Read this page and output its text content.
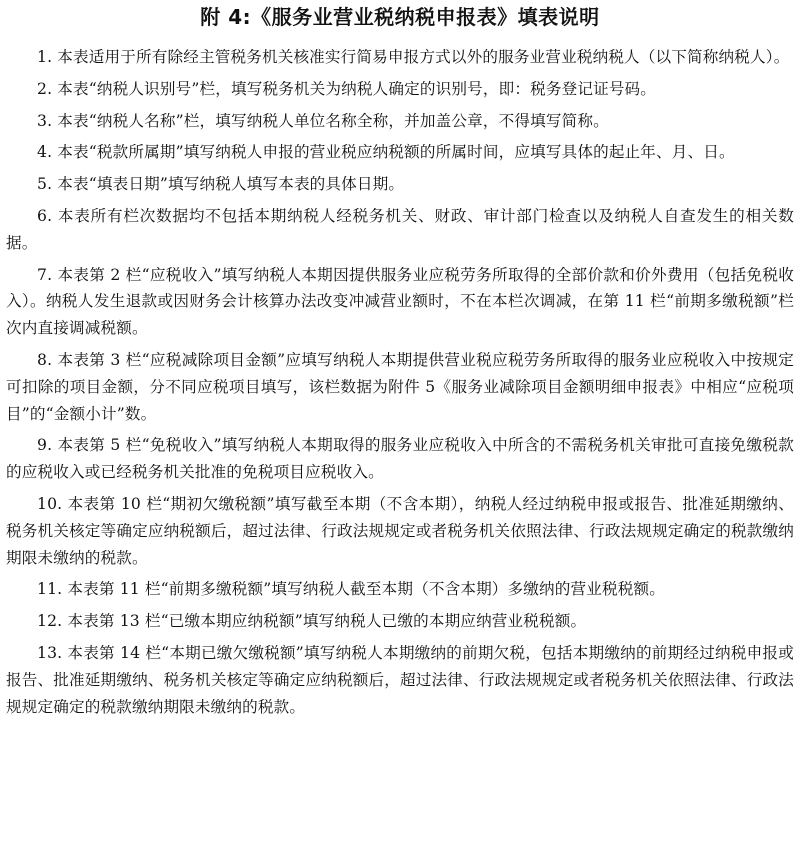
附 4:《服务业营业税纳税申报表》填表说明

1. 本表适用于所有除经主管税务机关核准实行简易申报方式以外的服务业营业税纳税人（以下简称纳税人）。

2. 本表“纳税人识别号”栏，填写税务机关为纳税人确定的识别号，即：税务登记证号码。

3. 本表“纳税人名称”栏，填写纳税人单位名称全称，并加盖公章，不得填写简称。

4. 本表“税款所属期”填写纳税人申报的营业税应纳税额的所属时间，应填写具体的起止年、月、日。

5. 本表“填表日期”填写纳税人填写本表的具体日期。

6. 本表所有栏次数据均不包括本期纳税人经税务机关、财政、审计部门检查以及纳税人自查发生的相关数据。

7. 本表第 2 栏“应税收入”填写纳税人本期因提供服务业应税劳务所取得的全部价款和价外费用（包括免税收入）。纳税人发生退款或因财务会计核算办法改变冲减营业额时，不在本栏次调减，在第 11 栏“前期多缴税额”栏次内直接调减税额。

8. 本表第 3 栏“应税减除项目金额”应填写纳税人本期提供营业税应税劳务所取得的服务业应税收入中按规定可扣除的项目金额，分不同应税项目填写，该栏数据为附件 5《服务业减除项目金额明细申报表》中相应“应税项目”的“金额小计”数。

9. 本表第 5 栏“免税收入”填写纳税人本期取得的服务业应税收入中所含的不需税务机关审批可直接免缴税款的应税收入或已经税务机关批准的免税项目应税收入。

10. 本表第 10 栏“期初欠缴税额”填写截至本期（不含本期），纳税人经过纳税申报或报告、批准延期缴纳、税务机关核定等确定应纳税额后，超过法律、行政法规规定或者税务机关依照法律、行政法规规定确定的税款缴纳期限未缴纳的税款。

11. 本表第 11 栏“前期多缴税额”填写纳税人截至本期（不含本期）多缴纳的营业税税额。

12. 本表第 13 栏“已缴本期应纳税额”填写纳税人已缴的本期应纳营业税税额。

13. 本表第 14 栏“本期已缴欠缴税额”填写纳税人本期缴纳的前期欠税，包括本期缴纳的前期经过纳税申报或报告、批准延期缴纳、税务机关核定等确定应纳税额后，超过法律、行政法规规定或者税务机关依照法律、行政法规规定确定的税款缴纳期限未缴纳的税款。
